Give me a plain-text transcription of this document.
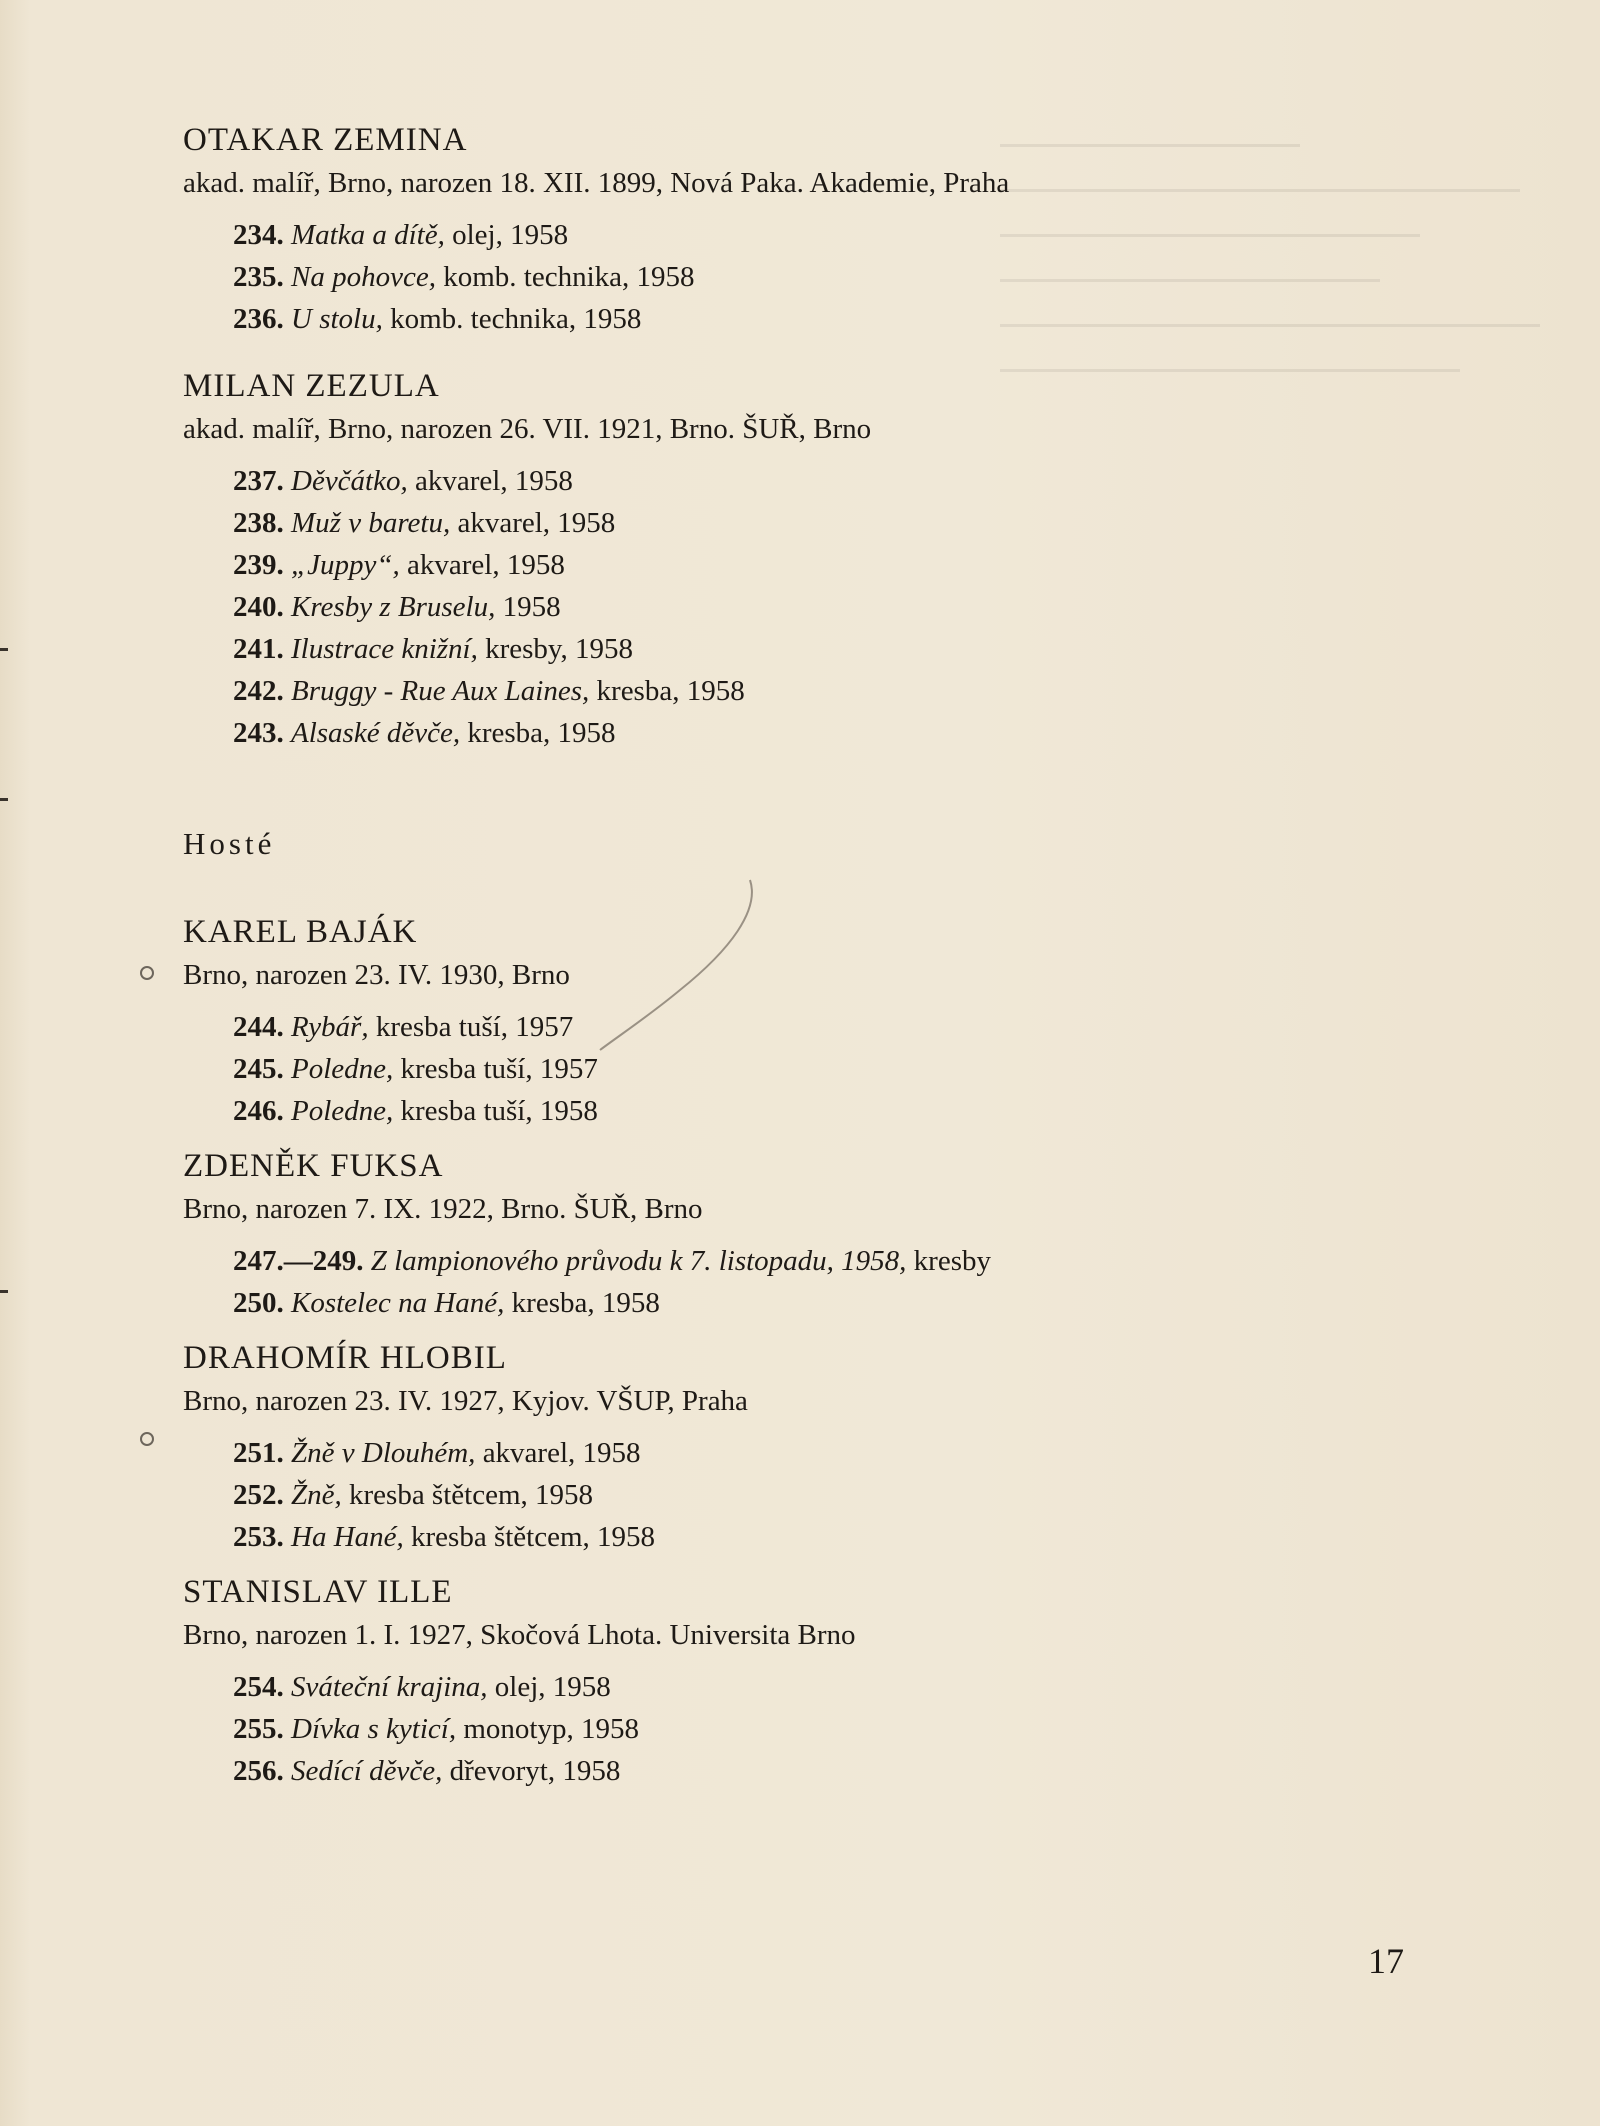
OTAKAR ZEMINA
akad. malíř, Brno, narozen 18. XII. 1899, Nová Paka. Akademie, Praha
234. Matka a dítě, olej, 1958
235. Na pohovce, komb. technika, 1958
236. U stolu, komb. technika, 1958
MILAN ZEZULA
akad. malíř, Brno, narozen 26. VII. 1921, Brno. ŠUŘ, Brno
237. Děvčátko, akvarel, 1958
238. Muž v baretu, akvarel, 1958
239. „Juppy“, akvarel, 1958
240. Kresby z Bruselu, 1958
241. Ilustrace knižní, kresby, 1958
242. Bruggy - Rue Aux Laines, kresba, 1958
243. Alsaské děvče, kresba, 1958
Hosté
KAREL BAJÁK
Brno, narozen 23. IV. 1930, Brno
244. Rybář, kresba tuší, 1957
245. Poledne, kresba tuší, 1957
246. Poledne, kresba tuší, 1958
ZDENĚK FUKSA
Brno, narozen 7. IX. 1922, Brno. ŠUŘ, Brno
247.—249. Z lampionového průvodu k 7. listopadu, 1958, kresby
250. Kostelec na Hané, kresba, 1958
DRAHOMÍR HLOBIL
Brno, narozen 23. IV. 1927, Kyjov. VŠUP, Praha
251. Žně v Dlouhém, akvarel, 1958
252. Žně, kresba štětcem, 1958
253. Ha Hané, kresba štětcem, 1958
STANISLAV ILLE
Brno, narozen 1. I. 1927, Skočová Lhota. Universita Brno
254. Sváteční krajina, olej, 1958
255. Dívka s kyticí, monotyp, 1958
256. Sedící děvče, dřevoryt, 1958
17
